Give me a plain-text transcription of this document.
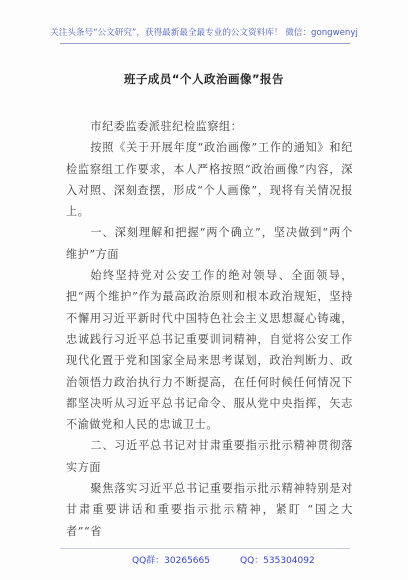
关注头条号“公文研究”，获得最新最全最专业的公文资料库！ 微信：gongwenyj
班子成员“个人政治画像”报告

市纪委监委派驻纪检监察组：

按照《关于开展年度“政治画像”工作的通知》和纪检监察组工作要求，本人严格按照“政治画像”内容，深入对照、深刻查摆，形成“个人画像”，现将有关情况报上。

一、深刻理解和把握“两个确立”，坚决做到“两个维护”方面

始终坚持党对公安工作的绝对领导、全面领导，把“两个维护”作为最高政治原则和根本政治规矩，坚持不懈用习近平新时代中国特色社会主义思想凝心铸魂，忠诚践行习近平总书记重要训词精神，自觉将公安工作现代化置于党和国家全局来思考谋划，政治判断力、政治领悟力政治执行力不断提高，在任何时候任何情况下都坚决听从习近平总书记命令、服从党中央指挥，矢志不渝做党和人民的忠诚卫士。

二、习近平总书记对甘肃重要指示批示精神贯彻落实方面

聚焦落实习近平总书记重要指示批示精神特别是对甘肃重要讲话和重要指示批示精神，紧盯 “国之大者”“省

QQ群：30265665	QQ：535304092
